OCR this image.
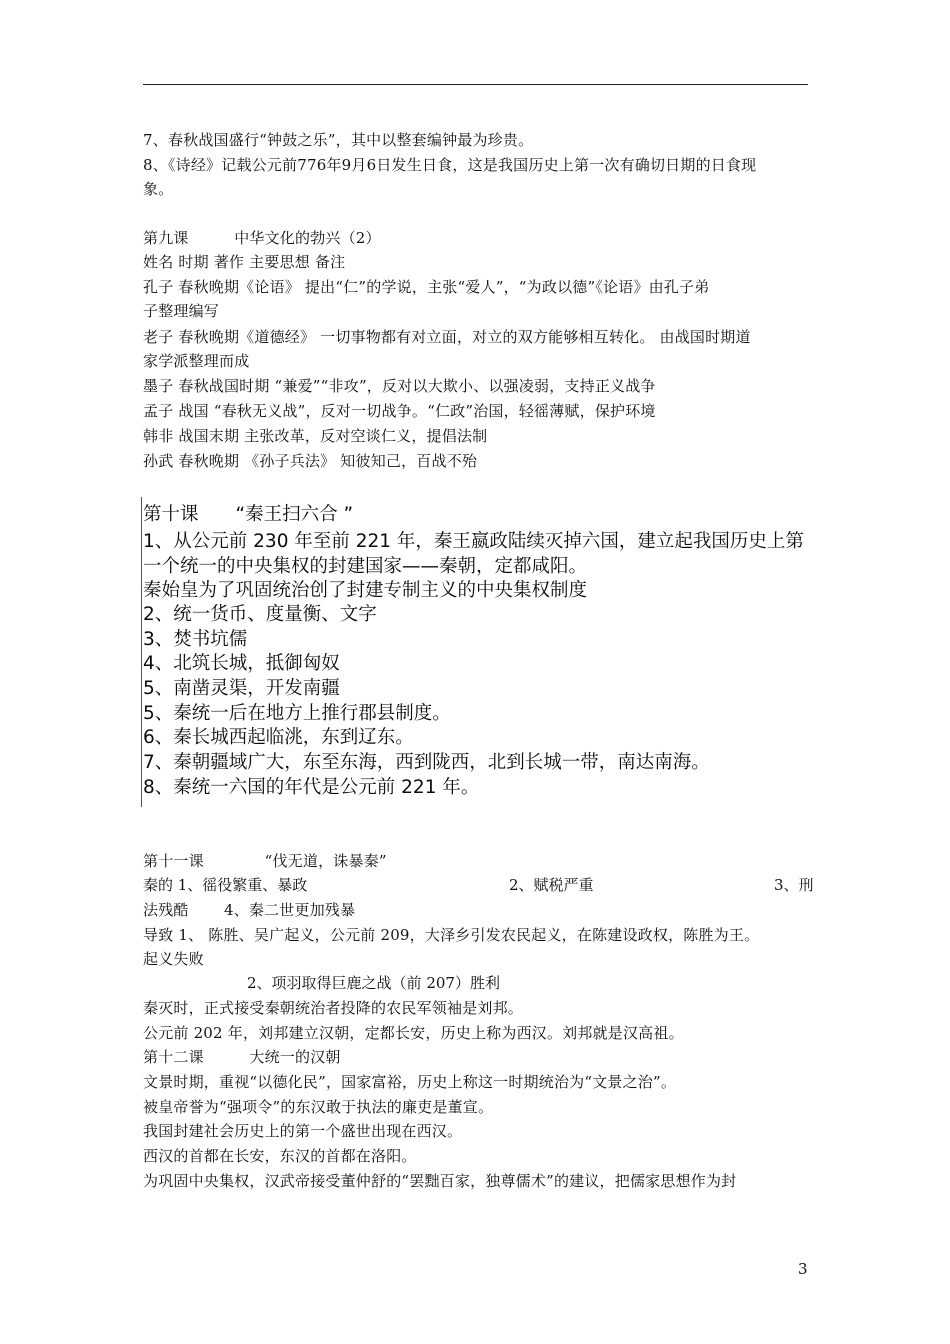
7、春秋战国盛行“钟鼓之乐”，其中以整套编钟最为珍贵。
8、《诗经》记载公元前776年9月6日发生日食，这是我国历史上第一次有确切日期的日食现
象。
第九课　　　中华文化的勃兴（2）
姓名 时期 著作 主要思想 备注
孔子 春秋晚期《论语》 提出“仁”的学说，主张“爱人”，“为政以德”《论语》由孔子弟
子整理编写
老子 春秋晚期《道德经》 一切事物都有对立面，对立的双方能够相互转化。 由战国时期道
家学派整理而成
墨子 春秋战国时期 “兼爱”“非攻”，反对以大欺小、以强凌弱，支持正义战争
孟子 战国 “春秋无义战”，反对一切战争。“仁政”治国，轻徭薄赋，保护环境
韩非 战国末期 主张改革，反对空谈仁义，提倡法制
孙武 春秋晚期 《孙子兵法》 知彼知己，百战不殆
第十课　　“秦王扫六合 ”
1、从公元前 230 年至前 221 年，秦王嬴政陆续灭掉六国，建立起我国历史上第
一个统一的中央集权的封建国家——秦朝，定都咸阳。
秦始皇为了巩固统治创了封建专制主义的中央集权制度
2、统一货币、度量衡、文字
3、焚书坑儒
4、北筑长城，抵御匈奴
5、南凿灵渠，开发南疆
5、秦统一后在地方上推行郡县制度。
6、秦长城西起临洮，东到辽东。
7、秦朝疆域广大，东至东海，西到陇西，北到长城一带，南达南海。
8、秦统一六国的年代是公元前 221 年。
第十一课　　　　“伐无道，诛暴秦”
秦的 1、徭役繁重、暴政	2、赋税严重	3、刑
法残酷　　 4、秦二世更加残暴
导致 1、 陈胜、吴广起义，公元前 209，大泽乡引发农民起义，在陈建设政权，陈胜为王。
起义失败
2、项羽取得巨鹿之战（前 207）胜利
秦灭时，正式接受秦朝统治者投降的农民军领袖是刘邦。
公元前 202 年，刘邦建立汉朝，定都长安，历史上称为西汉。刘邦就是汉高祖。
第十二课　　　大统一的汉朝
文景时期，重视“以德化民”，国家富裕，历史上称这一时期统治为“文景之治”。
被皇帝誉为“强项令”的东汉敢于执法的廉吏是董宣。
我国封建社会历史上的第一个盛世出现在西汉。
西汉的首都在长安，东汉的首都在洛阳。
为巩固中央集权，汉武帝接受董仲舒的“罢黜百家，独尊儒术”的建议，把儒家思想作为封
3
